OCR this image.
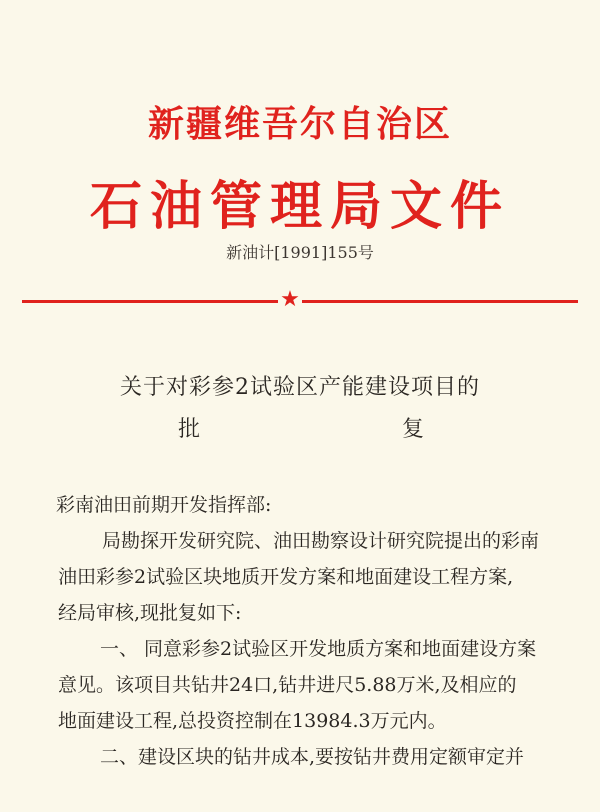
新疆维吾尔自治区
石油管理局文件
新油计[1991]155号
★
关于对彩参2试验区产能建设项目的
批	复
彩南油田前期开发指挥部:
局勘探开发研究院、油田勘察设计研究院提出的彩南
油田彩参2试验区块地质开发方案和地面建设工程方案,
经局审核,现批复如下:
一、 同意彩参2试验区开发地质方案和地面建设方案
意见。该项目共钻井24口,钻井进尺5.88万米,及相应的
地面建设工程,总投资控制在13984.3万元内。
二、建设区块的钻井成本,要按钻井费用定额审定并
